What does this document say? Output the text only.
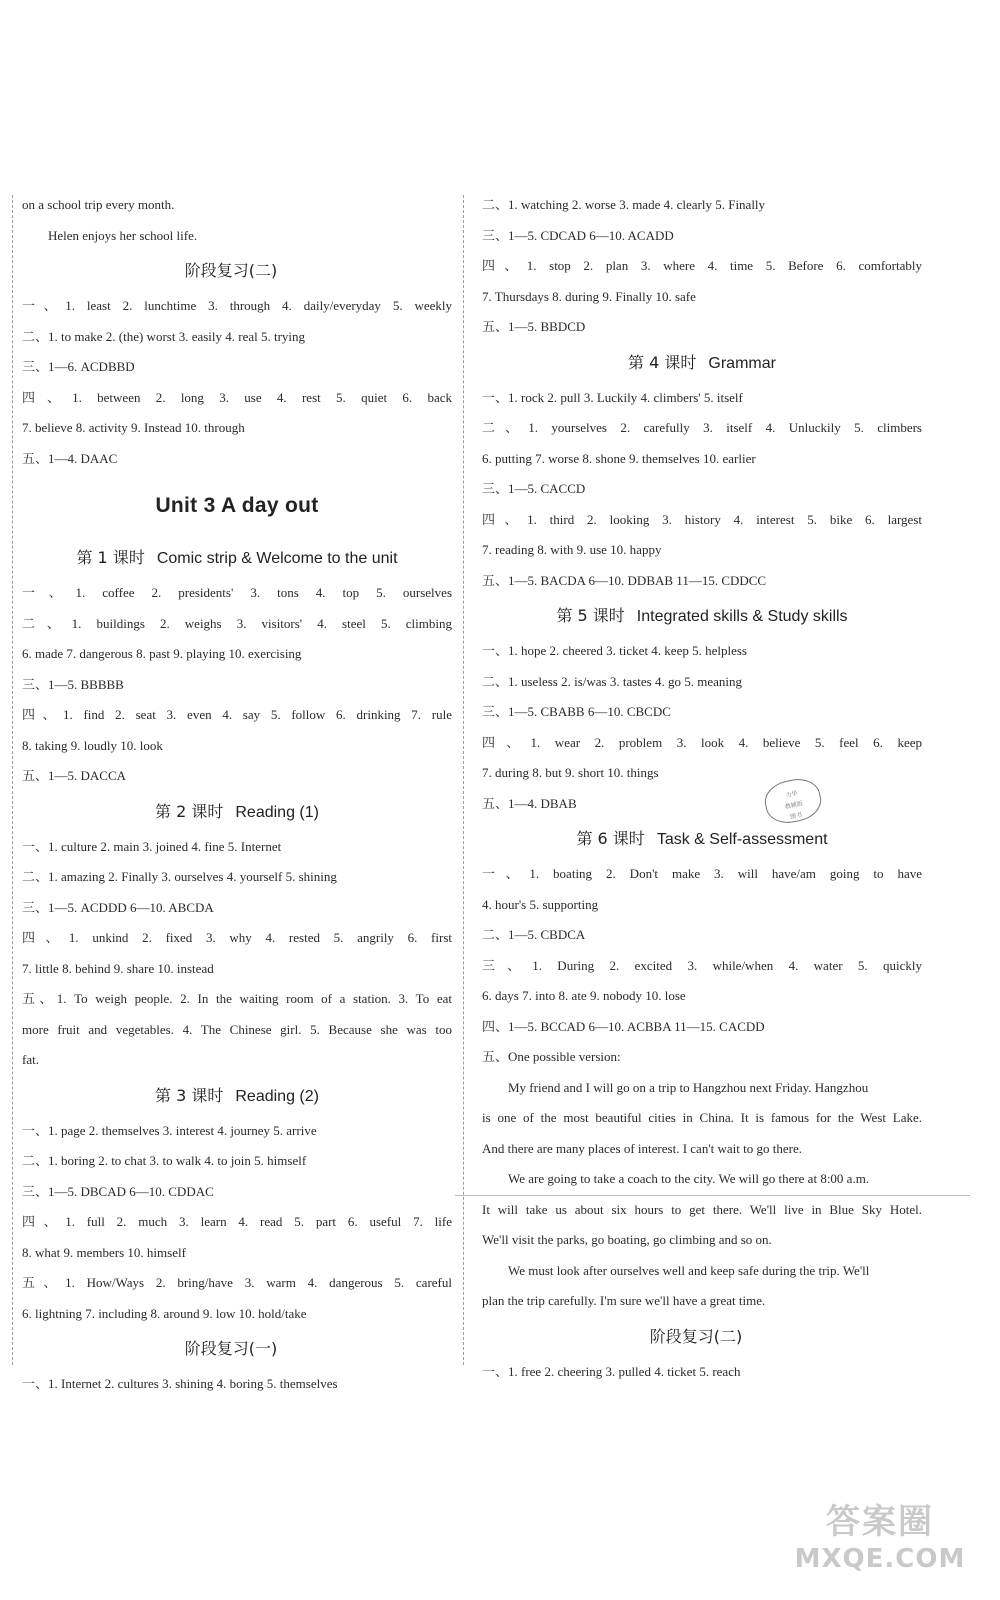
on a school trip every month.
Helen enjoys her school life.
阶段复习(二)
一、1. least 2. lunchtime 3. through 4. daily/everyday 5. weekly
二、1. to make 2. (the) worst 3. easily 4. real 5. trying
三、1—6. ACDBBD
四、1. between 2. long 3. use 4. rest 5. quiet 6. back
7. believe 8. activity 9. Instead 10. through
五、1—4. DAAC
Unit 3 A day out
第 1 课时 Comic strip & Welcome to the unit
一、1. coffee 2. presidents' 3. tons 4. top 5. ourselves
二、1. buildings 2. weighs 3. visitors' 4. steel 5. climbing
6. made 7. dangerous 8. past 9. playing 10. exercising
三、1—5. BBBBB
四、1. find 2. seat 3. even 4. say 5. follow 6. drinking 7. rule
8. taking 9. loudly 10. look
五、1—5. DACCA
第 2 课时 Reading (1)
一、1. culture 2. main 3. joined 4. fine 5. Internet
二、1. amazing 2. Finally 3. ourselves 4. yourself 5. shining
三、1—5. ACDDD 6—10. ABCDA
四、1. unkind 2. fixed 3. why 4. rested 5. angrily 6. first
7. little 8. behind 9. share 10. instead
五、1. To weigh people. 2. In the waiting room of a station. 3. To eat
more fruit and vegetables. 4. The Chinese girl. 5. Because she was too
fat.
第 3 课时 Reading (2)
一、1. page 2. themselves 3. interest 4. journey 5. arrive
二、1. boring 2. to chat 3. to walk 4. to join 5. himself
三、1—5. DBCAD 6—10. CDDAC
四、1. full 2. much 3. learn 4. read 5. part 6. useful 7. life
8. what 9. members 10. himself
五、1. How/Ways 2. bring/have 3. warm 4. dangerous 5. careful
6. lightning 7. including 8. around 9. low 10. hold/take
阶段复习(一)
一、1. Internet 2. cultures 3. shining 4. boring 5. themselves
二、1. watching 2. worse 3. made 4. clearly 5. Finally
三、1—5. CDCAD 6—10. ACADD
四、1. stop 2. plan 3. where 4. time 5. Before 6. comfortably
7. Thursdays 8. during 9. Finally 10. safe
五、1—5. BBDCD
第 4 课时 Grammar
一、1. rock 2. pull 3. Luckily 4. climbers' 5. itself
二、1. yourselves 2. carefully 3. itself 4. Unluckily 5. climbers
6. putting 7. worse 8. shone 9. themselves 10. earlier
三、1—5. CACCD
四、1. third 2. looking 3. history 4. interest 5. bike 6. largest
7. reading 8. with 9. use 10. happy
五、1—5. BACDA 6—10. DDBAB 11—15. CDDCC
第 5 课时 Integrated skills & Study skills
一、1. hope 2. cheered 3. ticket 4. keep 5. helpless
二、1. useless 2. is/was 3. tastes 4. go 5. meaning
三、1—5. CBABB 6—10. CBCDC
四、1. wear 2. problem 3. look 4. believe 5. feel 6. keep
7. during 8. but 9. short 10. things
五、1—4. DBAB
第 6 课时 Task & Self-assessment
一、1. boating 2. Don't make 3. will have/am going to have
4. hour's 5. supporting
二、1—5. CBDCA
三、1. During 2. excited 3. while/when 4. water 5. quickly
6. days 7. into 8. ate 9. nobody 10. lose
四、1—5. BCCAD 6—10. ACBBA 11—15. CACDD
五、One possible version:
My friend and I will go on a trip to Hangzhou next Friday. Hangzhou
is one of the most beautiful cities in China. It is famous for the West Lake.
And there are many places of interest. I can't wait to go there.
We are going to take a coach to the city. We will go there at 8:00 a.m.
It will take us about six hours to get there. We'll live in Blue Sky Hotel.
We'll visit the parks, go boating, go climbing and so on.
We must look after ourselves well and keep safe during the trip. We'll
plan the trip carefully. I'm sure we'll have a great time.
阶段复习(二)
一、1. free 2. cheering 3. pulled 4. ticket 5. reach
力华
教辅版
图书
答案圈
MXQE.COM
